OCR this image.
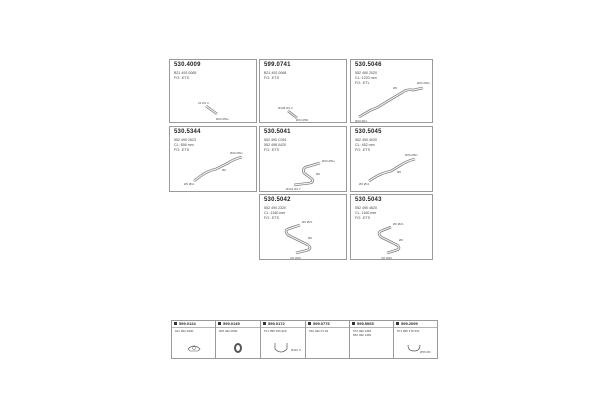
530.4009
B21 493 0065
FO: .ETS
22 Ø1.3
Ø20 Ø6m
599.0741
B21 492 0068
FO: .ETS
Ø108 Ø1.3
Ø24 Ø60
530.5046
552 490 2020
CL: 1220 mm
FO: .ETL	Ø20 Ø6m
Ø6
Ø20 Ø11
530.5344
552 490 2623
CL: 656 mm
FO: .ETS
Ø20 Ø6m
Ø0
Ø0 Ø11
530.5041
552 490 C051
552 498 0420
FO: .ETS
Ø20 Ø6m
Ø0
Ø104 Ø1.7
530.5045
552 490 4020
CL: 452 mm
FO: .ETS
Ø20 Ø6m
Ø0
Ø0 Ø11
530.5042
552 490 2320
CL: 1160 mm
FO: .ETS
Ø0 Ø21
Ø0
CD Ø20
530.5043
552 490 4620
CL: 1160 mm
FO: .ETS
Ø0 Ø21
Ø0
CD Ø20
599.0124
621 062 2090
599.0149
605 492 0090
599.0172
571 995 306 929
Ø110 X
599.0776
610 492 01 63
599.5065
574 490 1981
552 492 1481
599.2099
571 995 176 531
Ø56 Ø3
